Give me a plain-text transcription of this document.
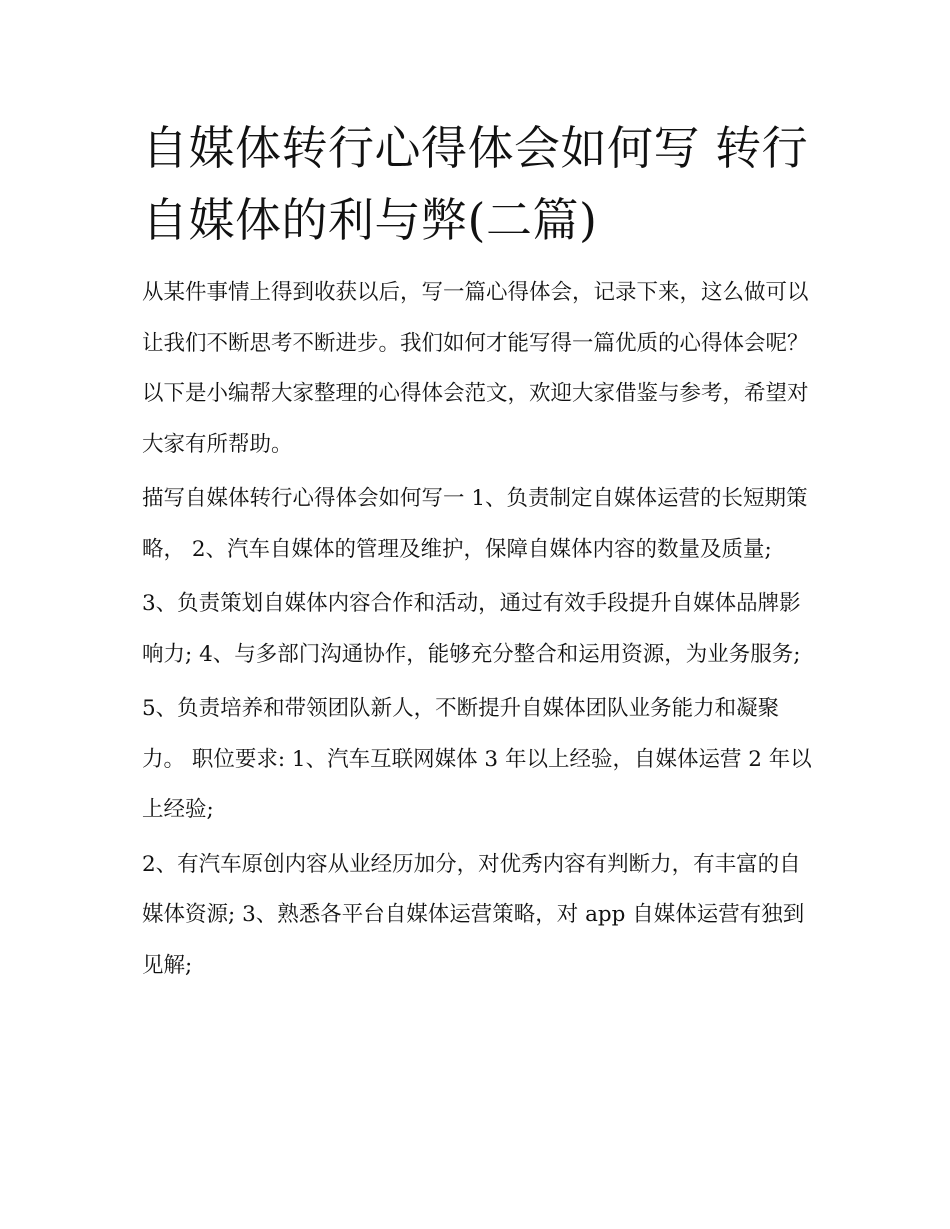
自媒体转行心得体会如何写 转行自媒体的利与弊(二篇)

从某件事情上得到收获以后，写一篇心得体会，记录下来，这么做可以让我们不断思考不断进步。我们如何才能写得一篇优质的心得体会呢？以下是小编帮大家整理的心得体会范文，欢迎大家借鉴与参考，希望对大家有所帮助。

描写自媒体转行心得体会如何写一 1、负责制定自媒体运营的长短期策略， 2、汽车自媒体的管理及维护，保障自媒体内容的数量及质量;

3、负责策划自媒体内容合作和活动，通过有效手段提升自媒体品牌影响力; 4、与多部门沟通协作，能够充分整合和运用资源，为业务服务;

5、负责培养和带领团队新人，不断提升自媒体团队业务能力和凝聚力。 职位要求: 1、汽车互联网媒体 3 年以上经验，自媒体运营 2 年以上经验;

2、有汽车原创内容从业经历加分，对优秀内容有判断力，有丰富的自媒体资源; 3、熟悉各平台自媒体运营策略，对 app 自媒体运营有独到见解;
